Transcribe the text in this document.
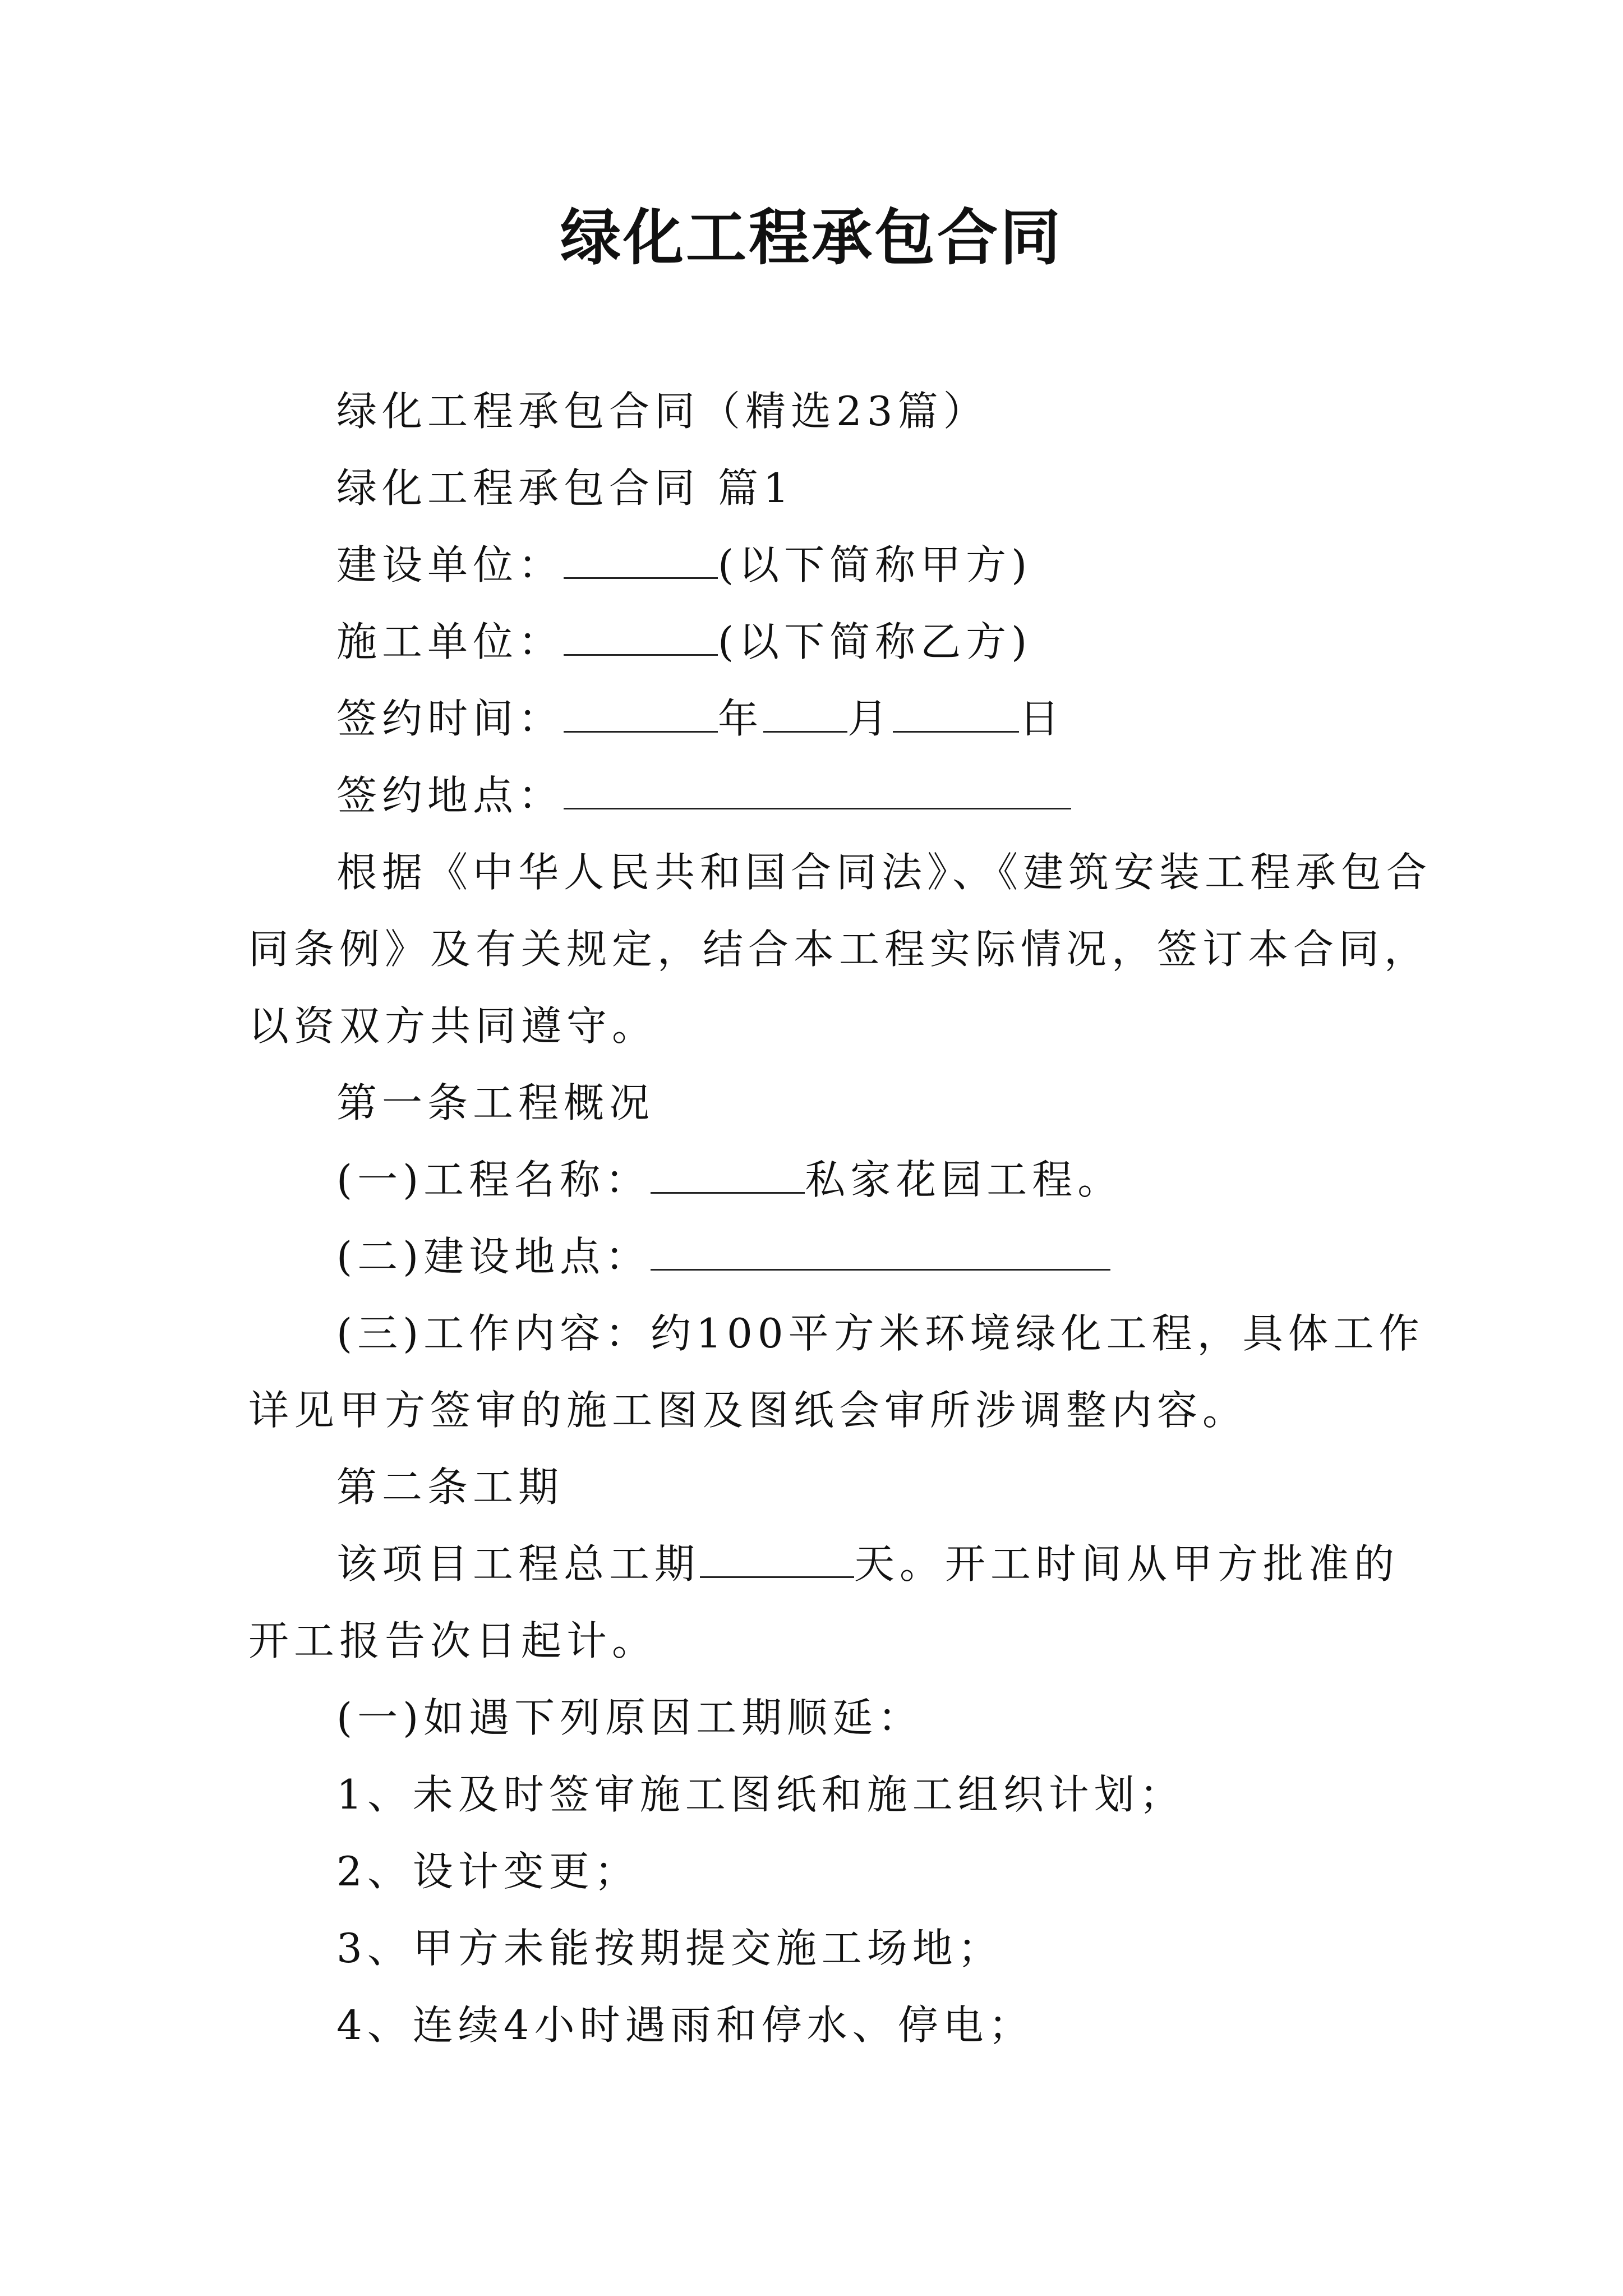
绿化工程承包合同
绿化工程承包合同（精选23篇）
绿化工程承包合同 篇1
建设单位：	(以下简称甲方)
施工单位：	(以下简称乙方)
签约时间：	年 月	日
签约地点：
根据《中华人民共和国合同法》、《建筑安装工程承包合
同条例》及有关规定，结合本工程实际情况，签订本合同，
以资双方共同遵守。
第一条工程概况
(一)工程名称：	私家花园工程。
(二)建设地点：
(三)工作内容：约100平方米环境绿化工程，具体工作
详见甲方签审的施工图及图纸会审所涉调整内容。
第二条工期
该项目工程总工期	天。开工时间从甲方批准的
开工报告次日起计。
(一)如遇下列原因工期顺延：
1、未及时签审施工图纸和施工组织计划；
2、设计变更；
3、甲方未能按期提交施工场地；
4、连续4小时遇雨和停水、停电；
